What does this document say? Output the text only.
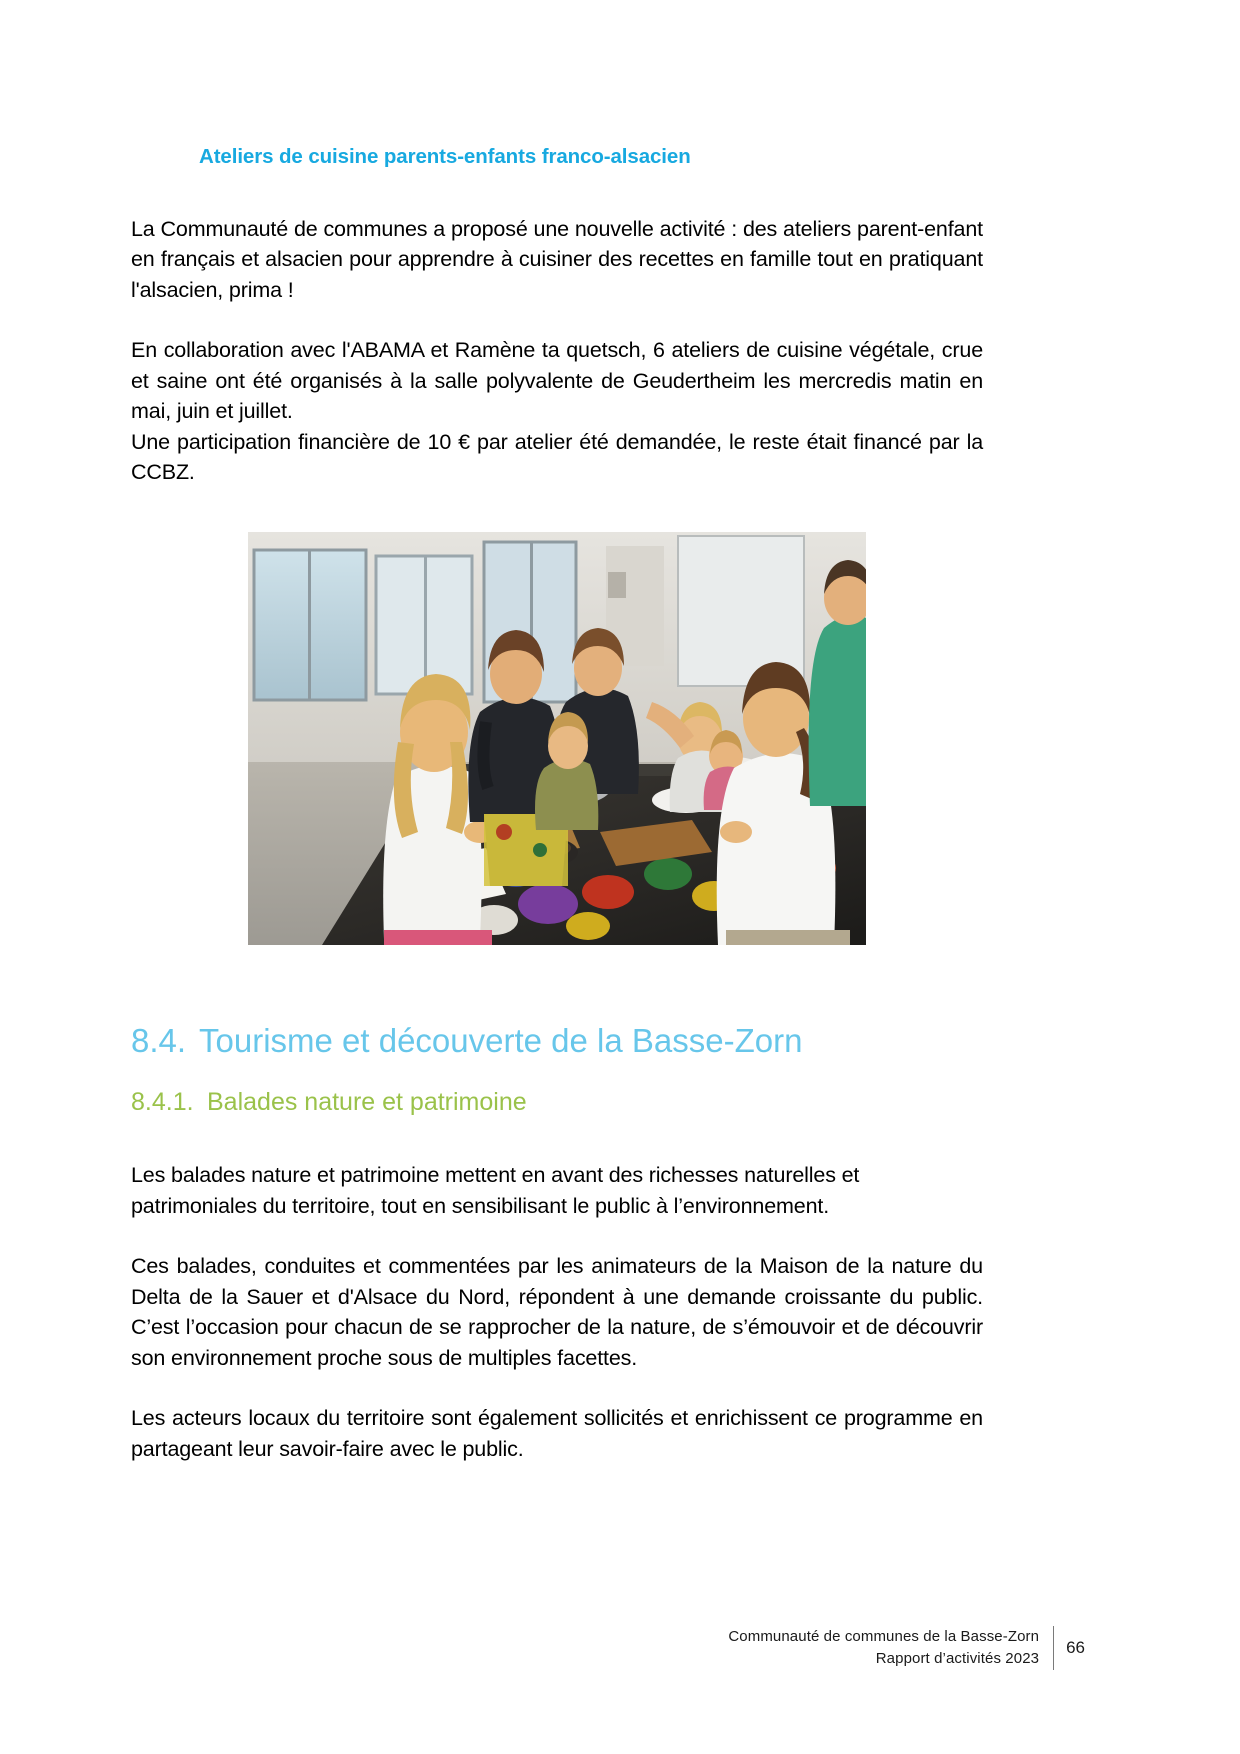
Ateliers de cuisine parents-enfants franco-alsacien

La Communauté de communes a proposé une nouvelle activité : des ateliers parent-enfant en français et alsacien pour apprendre à cuisiner des recettes en famille tout en pratiquant l'alsacien, prima !

En collaboration avec l'ABAMA et Ramène ta quetsch, 6 ateliers de cuisine végétale, crue et saine ont été organisés à la salle polyvalente de Geudertheim les mercredis matin en mai, juin et juillet.

Une participation financière de 10 € par atelier été demandée, le reste était financé par la CCBZ.

8.4. Tourisme et découverte de la Basse-Zorn
8.4.1. Balades nature et patrimoine

Les balades nature et patrimoine mettent en avant des richesses naturelles et patrimoniales du territoire, tout en sensibilisant le public à l’environnement.

Ces balades, conduites et commentées par les animateurs de la Maison de la nature du Delta de la Sauer et d'Alsace du Nord, répondent à une demande croissante du public. C’est l’occasion pour chacun de se rapprocher de la nature, de s’émouvoir et de découvrir son environnement proche sous de multiples facettes.

Les acteurs locaux du territoire sont également sollicités et enrichissent ce programme en partageant leur savoir-faire avec le public.

Communauté de communes de la Basse-Zorn
Rapport d’activités 2023
66
